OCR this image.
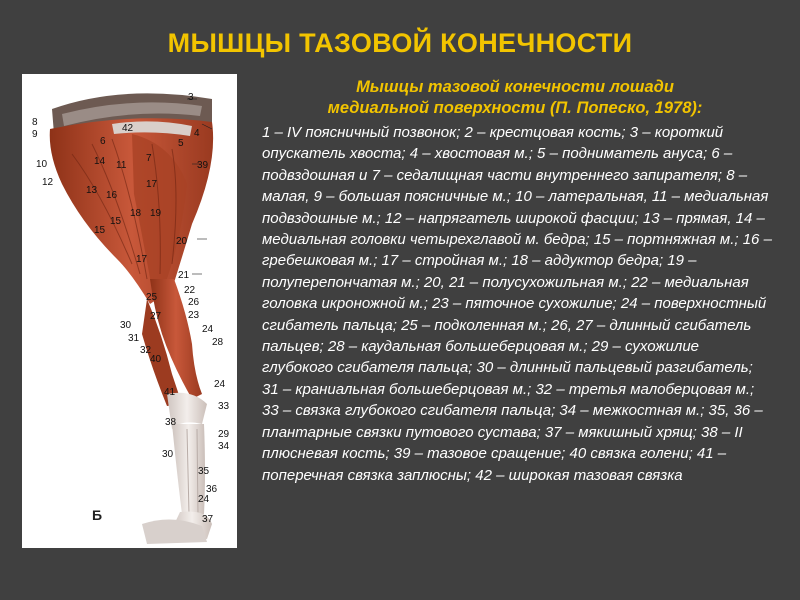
МЫШЦЫ ТАЗОВОЙ КОНЕЧНОСТИ
3
42	4
5
8
9
6
7
39
10	14 11
12	17
13 16
15
18 19
15
20
17
21
22
25	26
27	23
24
30
31	28
32
40
24
41
33
38
29
34
30
35
36
24
37
Б
Мышцы тазовой конечности лошади
медиальной поверхности (П. Попеско, 1978):
1 – IV поясничный позвонок; 2 – крестцовая кость; 3 – короткий опускатель хвоста; 4 – хвостовая м.; 5 – подниматель ануса; 6 – подвздошная и 7 – седалищная части внутреннего запирателя; 8 – малая, 9 – большая поясничные м.; 10 – латеральная, 11 – медиальная подвздошные м.; 12 – напрягатель широкой фасции; 13 – прямая, 14 –медиальная головки четырехглавой м. бедра; 15 – портняжная м.; 16 – гребешковая м.; 17 – стройная м.; 18 – аддуктор бедра; 19 – полуперепончатая м.; 20, 21 – полусухожильная м.; 22 – медиальная головка икроножной м.; 23 – пяточное сухожилие; 24 – поверхностный сгибатель пальца; 25 – подколенная м.; 26, 27 – длинный сгибатель пальцев; 28 – каудальная большеберцовая м.; 29 – сухожилие глубокого сгибателя пальца; 30 – длинный пальцевый разгибатель; 31 – краниальная большеберцовая м.; 32 – третья малоберцовая м.; 33 – связка глубокого сгибателя пальца; 34 – межкостная м.; 35, 36 – плантарные связки путового сустава; 37 – мякишный хрящ; 38 – II плюсневая кость; 39 – тазовое сращение; 40 связка голени; 41 – поперечная связка заплюсны; 42 – широкая тазовая связка
